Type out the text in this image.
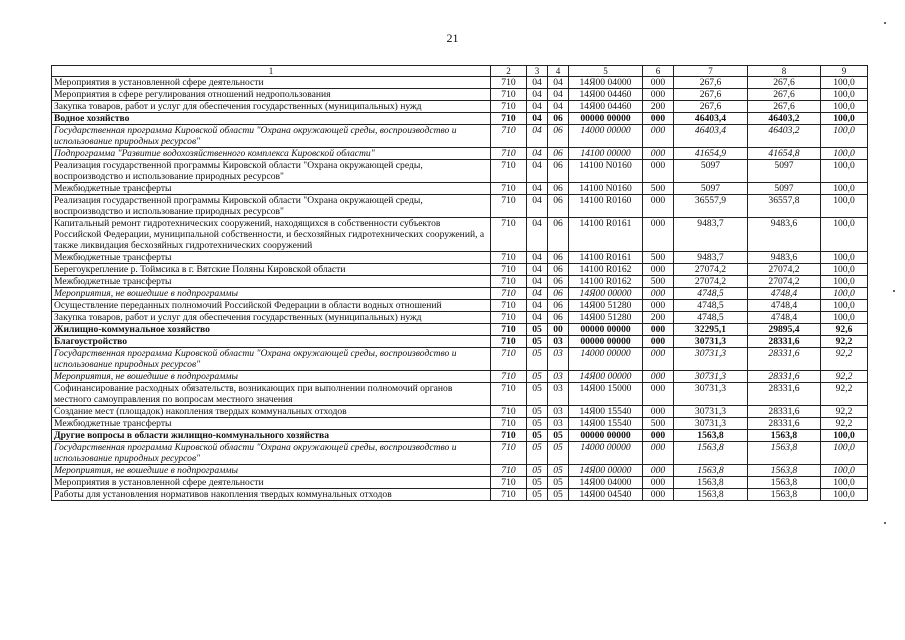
21
1	2	3	4	5	6	7	8	9
Мероприятия в установленной сфере деятельности	710	04	04	14Я00 04000	000	267,6	267,6	100,0
Мероприятия в сфере регулирования отношений недропользования	710	04	04	14Я00 04460	000	267,6	267,6	100,0
Закупка товаров, работ и услуг для обеспечения государственных (муниципальных) нужд	710	04	04	14Я00 04460	200	267,6	267,6	100,0
Водное хозяйство	710	04	06	00000 00000	000	46403,4	46403,2	100,0
Государственная программа Кировской области "Охрана окружающей среды, воспроизводство и использование природных ресурсов"	710	04	06	14000 00000	000	46403,4	46403,2	100,0
Подпрограмма "Развитие водохозяйственного комплекса Кировской области"	710	04	06	14100 00000	000	41654,9	41654,8	100,0
Реализация государственной программы Кировской области "Охрана окружающей среды, воспроизводство и использование природных ресурсов"	710	04	06	14100 N0160	000	5097	5097	100,0
Межбюджетные трансферты	710	04	06	14100 N0160	500	5097	5097	100,0
Реализация государственной программы Кировской области "Охрана окружающей среды, воспроизводство и использование природных ресурсов"	710	04	06	14100 R0160	000	36557,9	36557,8	100,0
Капитальный ремонт гидротехнических сооружений, находящихся в собственности субъектов Российской Федерации, муниципальной собственности, и бесхозяйных гидротехнических сооружений, а также ликвидация бесхозяйных гидротехнических сооружений	710	04	06	14100 R0161	000	9483,7	9483,6	100,0
Межбюджетные трансферты	710	04	06	14100 R0161	500	9483,7	9483,6	100,0
Берегоукрепление р. Тоймсика в г. Вятские Поляны Кировской области	710	04	06	14100 R0162	000	27074,2	27074,2	100,0
Межбюджетные трансферты	710	04	06	14100 R0162	500	27074,2	27074,2	100,0
Мероприятия, не вошедшие в подпрограммы	710	04	06	14Я00 00000	000	4748,5	4748,4	100,0
Осуществление переданных полномочий Российской Федерации в области водных отношений	710	04	06	14Я00 51280	000	4748,5	4748,4	100,0
Закупка товаров, работ и услуг для обеспечения государственных (муниципальных) нужд	710	04	06	14Я00 51280	200	4748,5	4748,4	100,0
Жилищно-коммунальное хозяйство	710	05	00	00000 00000	000	32295,1	29895,4	92,6
Благоустройство	710	05	03	00000 00000	000	30731,3	28331,6	92,2
Государственная программа Кировской области "Охрана окружающей среды, воспроизводство и использование природных ресурсов"	710	05	03	14000 00000	000	30731,3	28331,6	92,2
Мероприятия, не вошедшие в подпрограммы	710	05	03	14Я00 00000	000	30731,3	28331,6	92,2
Софинансирование расходных обязательств, возникающих при выполнении полномочий органов местного самоуправления по вопросам местного значения	710	05	03	14Я00 15000	000	30731,3	28331,6	92,2
Создание мест (площадок) накопления твердых коммунальных отходов	710	05	03	14Я00 15540	000	30731,3	28331,6	92,2
Межбюджетные трансферты	710	05	03	14Я00 15540	500	30731,3	28331,6	92,2
Другие вопросы в области жилищно-коммунального хозяйства	710	05	05	00000 00000	000	1563,8	1563,8	100,0
Государственная программа Кировской области "Охрана окружающей среды, воспроизводство и использование природных ресурсов"	710	05	05	14000 00000	000	1563,8	1563,8	100,0
Мероприятия, не вошедшие в подпрограммы	710	05	05	14Я00 00000	000	1563,8	1563,8	100,0
Мероприятия в установленной сфере деятельности	710	05	05	14Я00 04000	000	1563,8	1563,8	100,0
Работы для установления нормативов накопления твердых коммунальных отходов	710	05	05	14Я00 04540	000	1563,8	1563,8	100,0
